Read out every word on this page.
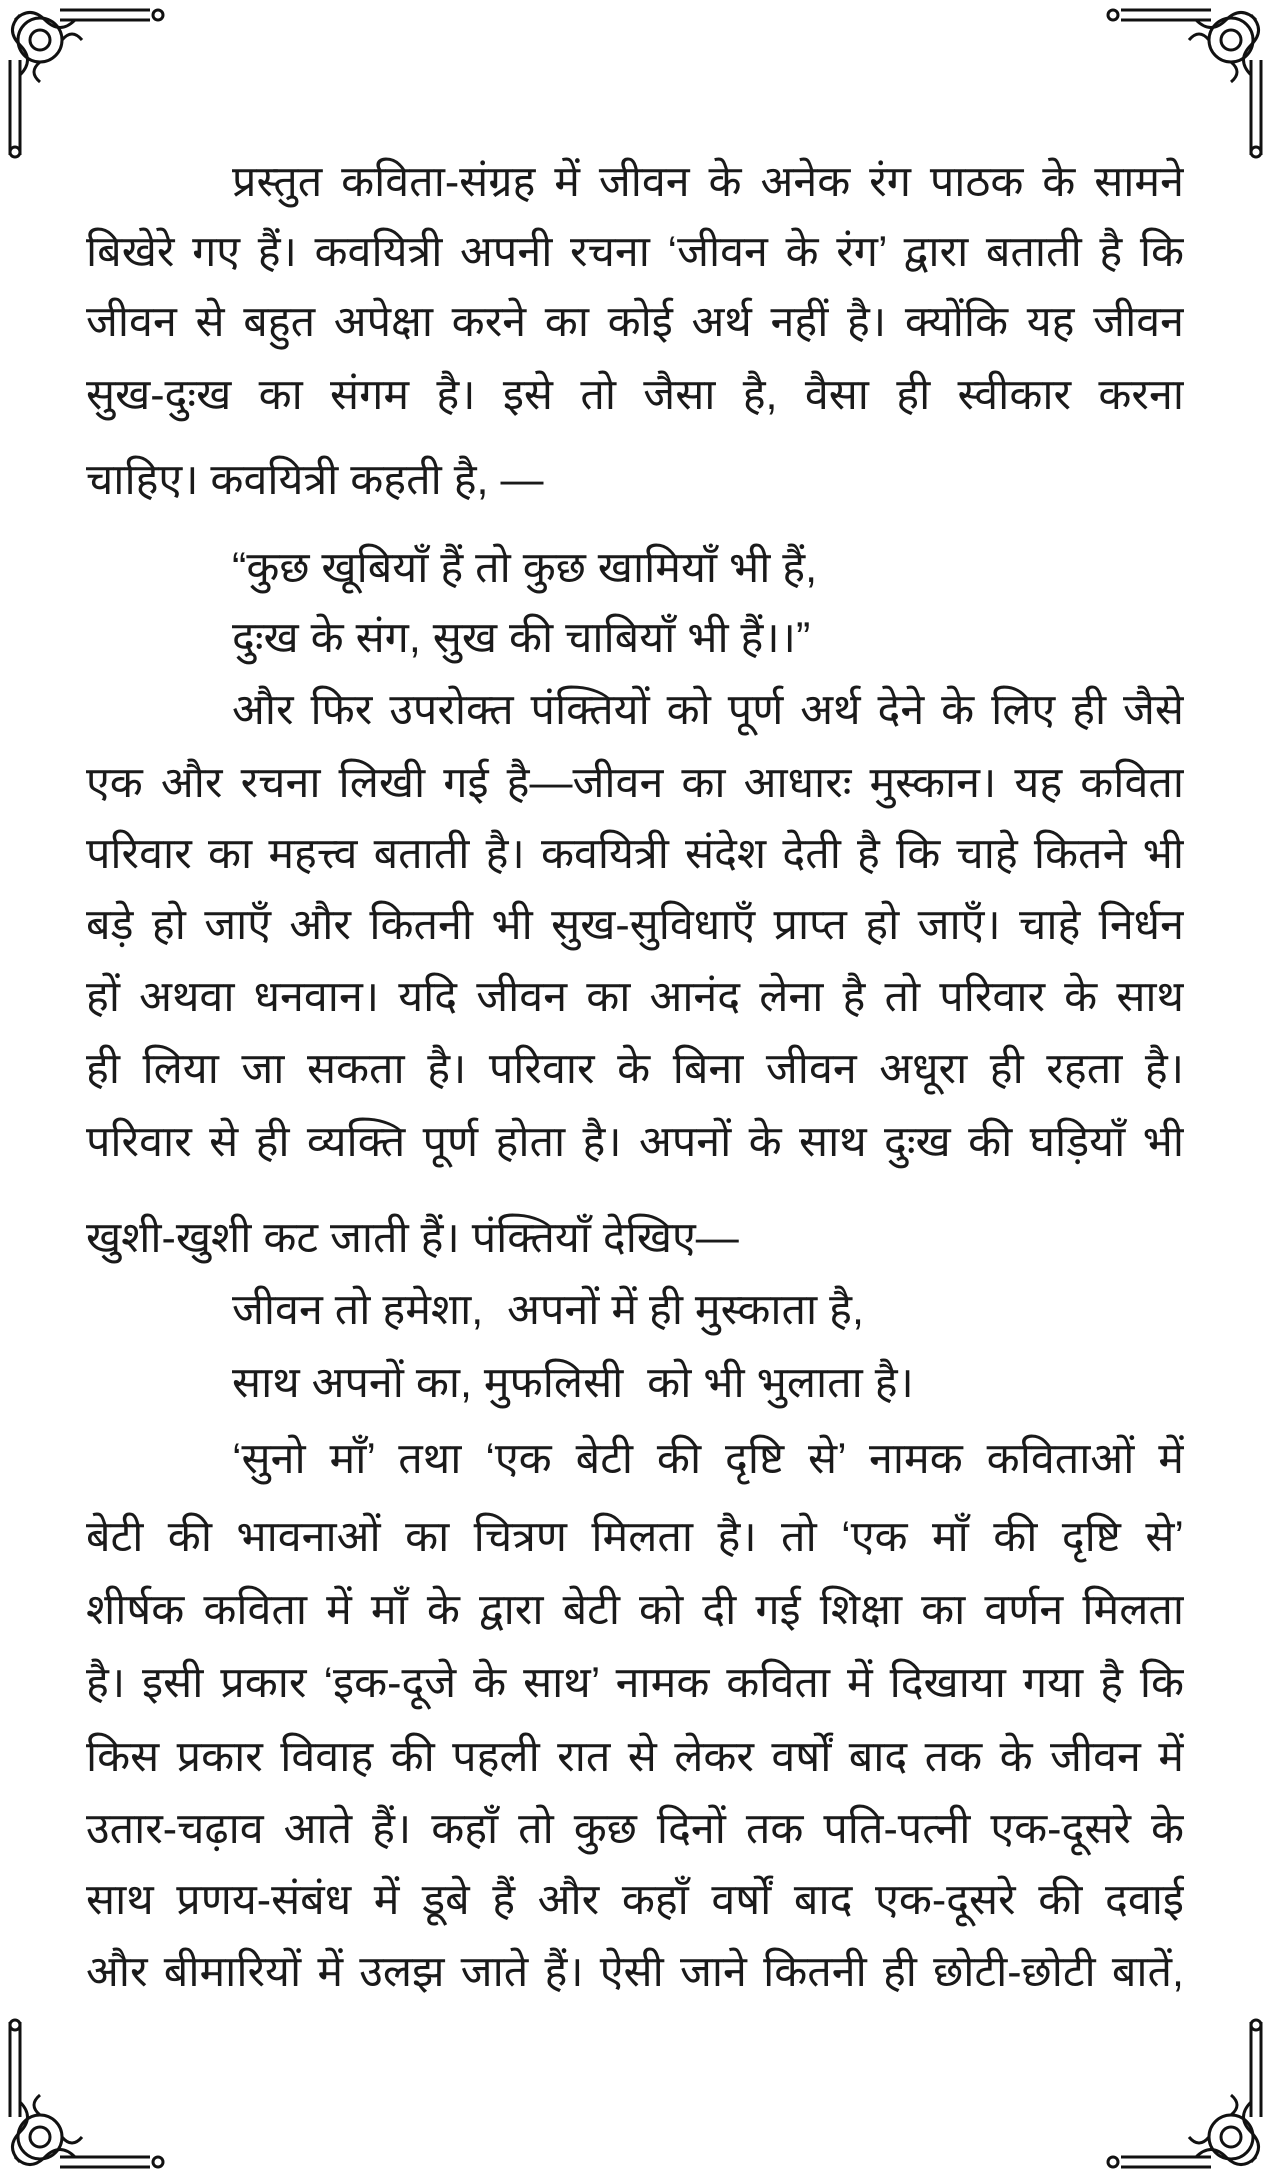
प्रस्तुत कविता-संग्रह में जीवन के अनेक रंग पाठक के सामने
बिखेरे गए हैं। कवयित्री अपनी रचना ‘जीवन के रंग’ द्वारा बताती है कि
जीवन से बहुत अपेक्षा करने का कोई अर्थ नहीं है। क्योंकि यह जीवन
सुख-दुःख का संगम है। इसे तो जैसा है, वैसा ही स्वीकार करना
चाहिए। कवयित्री कहती है, —
“कुछ खूबियाँ हैं तो कुछ खामियाँ भी हैं,
दुःख के संग, सुख की चाबियाँ भी हैं।।”
और फिर उपरोक्त पंक्तियों को पूर्ण अर्थ देने के लिए ही जैसे
एक और रचना लिखी गई है—जीवन का आधारः मुस्कान। यह कविता
परिवार का महत्त्व बताती है। कवयित्री संदेश देती है कि चाहे कितने भी
बड़े हो जाएँ और कितनी भी सुख-सुविधाएँ प्राप्त हो जाएँ। चाहे निर्धन
हों अथवा धनवान। यदि जीवन का आनंद लेना है तो परिवार के साथ
ही लिया जा सकता है। परिवार के बिना जीवन अधूरा ही रहता है।
परिवार से ही व्यक्ति पूर्ण होता है। अपनों के साथ दुःख की घड़ियाँ भी
खुशी-खुशी कट जाती हैं। पंक्तियाँ देखिए—
जीवन तो हमेशा,  अपनों में ही मुस्काता है,
साथ अपनों का, मुफलिसी  को भी भुलाता है।
‘सुनो माँ’ तथा ‘एक बेटी की दृष्टि से’ नामक कविताओं में
बेटी की भावनाओं का चित्रण मिलता है। तो ‘एक माँ की दृष्टि से’
शीर्षक कविता में माँ के द्वारा बेटी को दी गई शिक्षा का वर्णन मिलता
है। इसी प्रकार ‘इक-दूजे के साथ’ नामक कविता में दिखाया गया है कि
किस प्रकार विवाह की पहली रात से लेकर वर्षों बाद तक के जीवन में
उतार-चढ़ाव आते हैं। कहाँ तो कुछ दिनों तक पति-पत्नी एक-दूसरे के
साथ प्रणय-संबंध में डूबे हैं और कहाँ वर्षों बाद एक-दूसरे की दवाई
और बीमारियों में उलझ जाते हैं। ऐसी जाने कितनी ही छोटी-छोटी बातें,
